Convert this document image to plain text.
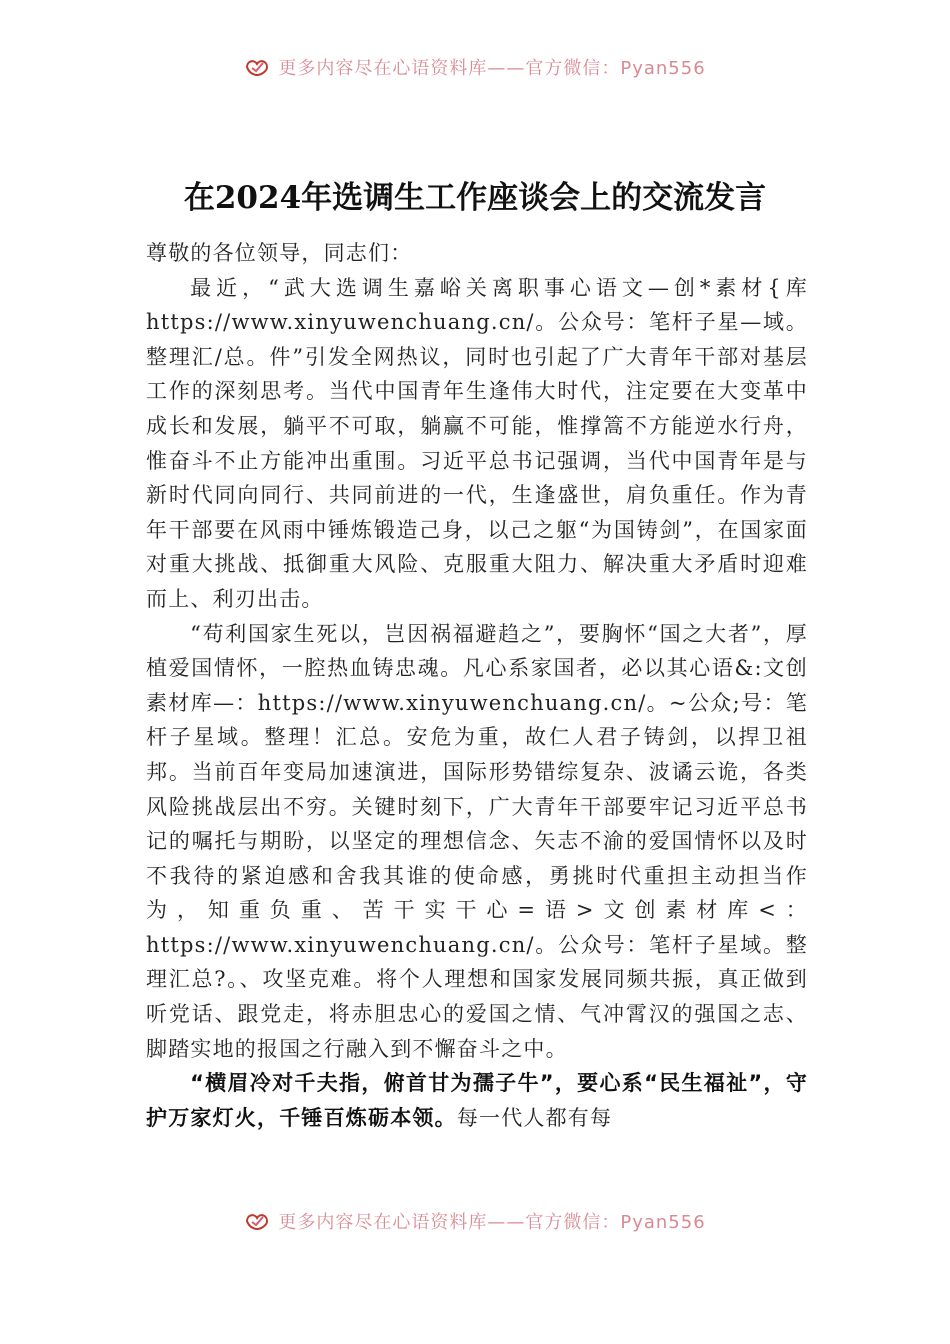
更多内容尽在心语资料库——官方微信：Pyan556
在2024年选调生工作座谈会上的交流发言

尊敬的各位领导，同志们：

最近，“武大选调生嘉峪关离职事心语文—创*素材{库https://www.xinyuwenchuang.cn/。公众号：笔杆子星—域。整理汇/总。件”引发全网热议，同时也引起了广大青年干部对基层工作的深刻思考。当代中国青年生逢伟大时代，注定要在大变革中成长和发展，躺平不可取，躺赢不可能，惟撑篙不方能逆水行舟，惟奋斗不止方能冲出重围。习近平总书记强调，当代中国青年是与新时代同向同行、共同前进的一代，生逢盛世，肩负重任。作为青年干部要在风雨中锤炼锻造己身，以己之躯“为国铸剑”，在国家面对重大挑战、抵御重大风险、克服重大阻力、解决重大矛盾时迎难而上、利刃出击。

“苟利国家生死以，岂因祸福避趋之”，要胸怀“国之大者”，厚植爱国情怀，一腔热血铸忠魂。凡心系家国者，必以其心语&:文创素材库—：https://www.xinyuwenchuang.cn/。~公众;号：笔杆子星域。整理！汇总。安危为重，故仁人君子铸剑，以捍卫祖邦。当前百年变局加速演进，国际形势错综复杂、波谲云诡，各类风险挑战层出不穷。关键时刻下，广大青年干部要牢记习近平总书记的嘱托与期盼，以坚定的理想信念、矢志不渝的爱国情怀以及时不我待的紧迫感和舍我其谁的使命感，勇挑时代重担主动担当作为，知重负重、苦干实干心=语>文创素材库<：https://www.xinyuwenchuang.cn/。公众号：笔杆子星域。整理汇总?。、攻坚克难。将个人理想和国家发展同频共振，真正做到听党话、跟党走，将赤胆忠心的爱国之情、气冲霄汉的强国之志、脚踏实地的报国之行融入到不懈奋斗之中。

“横眉冷对千夫指，俯首甘为孺子牛”，要心系“民生福祉”，守护万家灯火，千锤百炼砺本领。每一代人都有每

更多内容尽在心语资料库——官方微信：Pyan556
